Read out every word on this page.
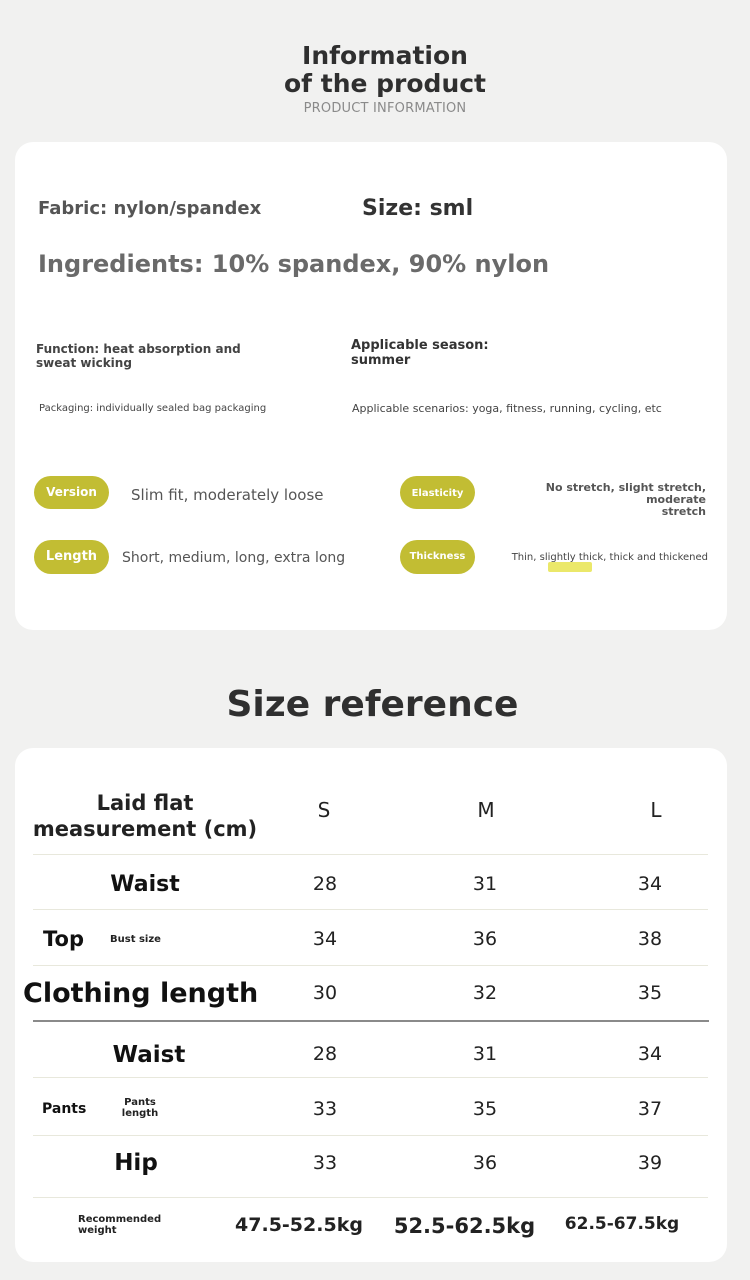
Information
of the product
PRODUCT INFORMATION
Fabric: nylon/spandex	Size: sml
Ingredients: 10% spandex, 90% nylon
Function: heat absorption and
sweat wicking
Applicable season:
summer
Packaging: individually sealed bag packaging	Applicable scenarios: yoga, fitness, running, cycling, etc
Version	Slim fit, moderately loose
Length	Short, medium, long, extra long
Elasticity	No stretch, slight stretch, moderate
stretch
Thickness	Thin, slightly thick, thick and thickened
Size reference
Laid flat
measurement (cm)
S	M	L
Waist	28	31	34
Top	Bust size	34	36	38
Clothing length	30	32	35
Waist	28	31	34
Pants	Pants
length	33	35	37
Hip	33	36	39
Recommended
weight	47.5-52.5kg 52.5-62.5kg 62.5-67.5kg
